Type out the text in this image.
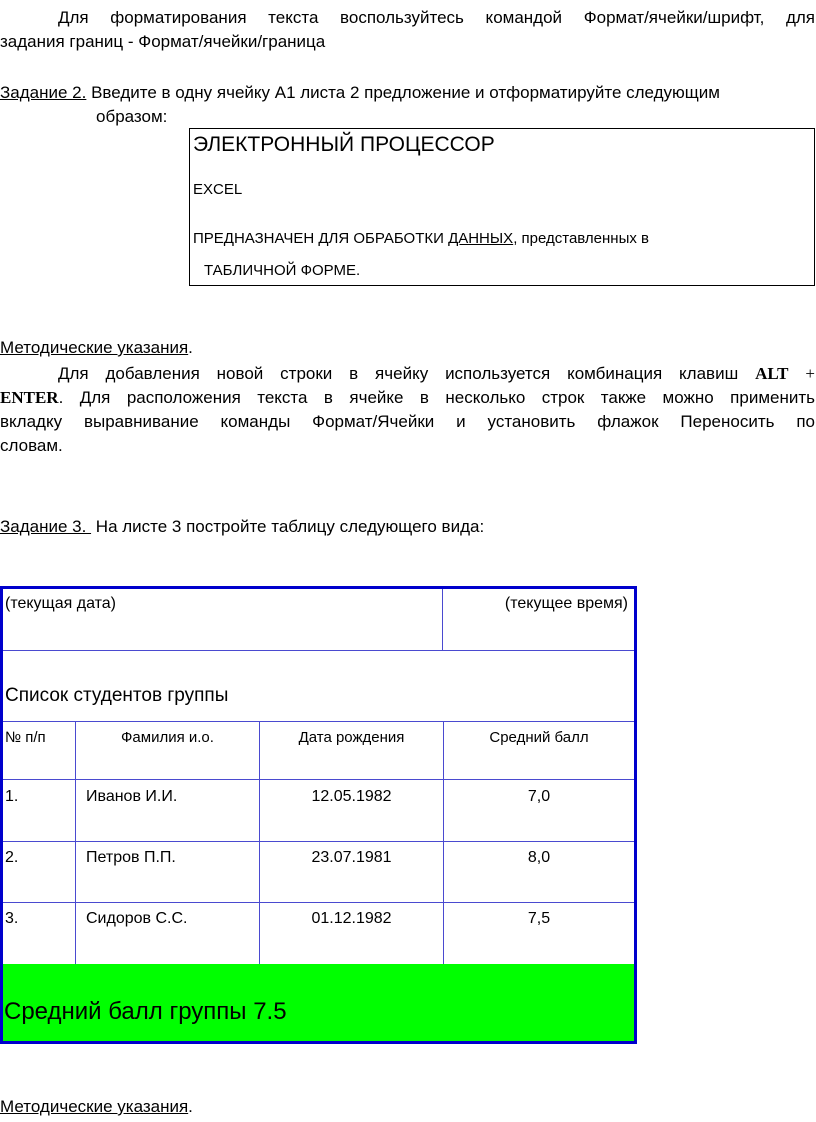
Для форматирования текста воспользуйтесь командой Формат/ячейки/шрифт, для
задания границ - Формат/ячейки/граница
Задание 2. Введите в одну ячейку А1 листа 2 предложение и отформатируйте следующим
образом:
ЭЛЕКТРОННЫЙ ПРОЦЕССОР
EXCEL
ПРЕДНАЗНАЧЕН ДЛЯ ОБРАБОТКИ ДАННЫХ, представленных в
ТАБЛИЧНОЙ ФОРМЕ.
Методические указания.
Для добавления новой строки в ячейку используется комбинация клавиш ALT +
ENTER. Для расположения текста в ячейке в несколько строк также можно применить
вкладку выравнивание команды Формат/Ячейки и установить флажок Переносить по
словам.
Задание 3.  На листе 3 постройте таблицу следующего вида:
(текущая дата)	(текущее время)
Список студентов группы
№ п/п	Фамилия и.о.	Дата рождения	Средний балл
1.	Иванов И.И.	12.05.1982	7,0
2.	Петров П.П.	23.07.1981	8,0
3.	Сидоров С.С.	01.12.1982	7,5
Средний балл группы 7.5
Методические указания.
